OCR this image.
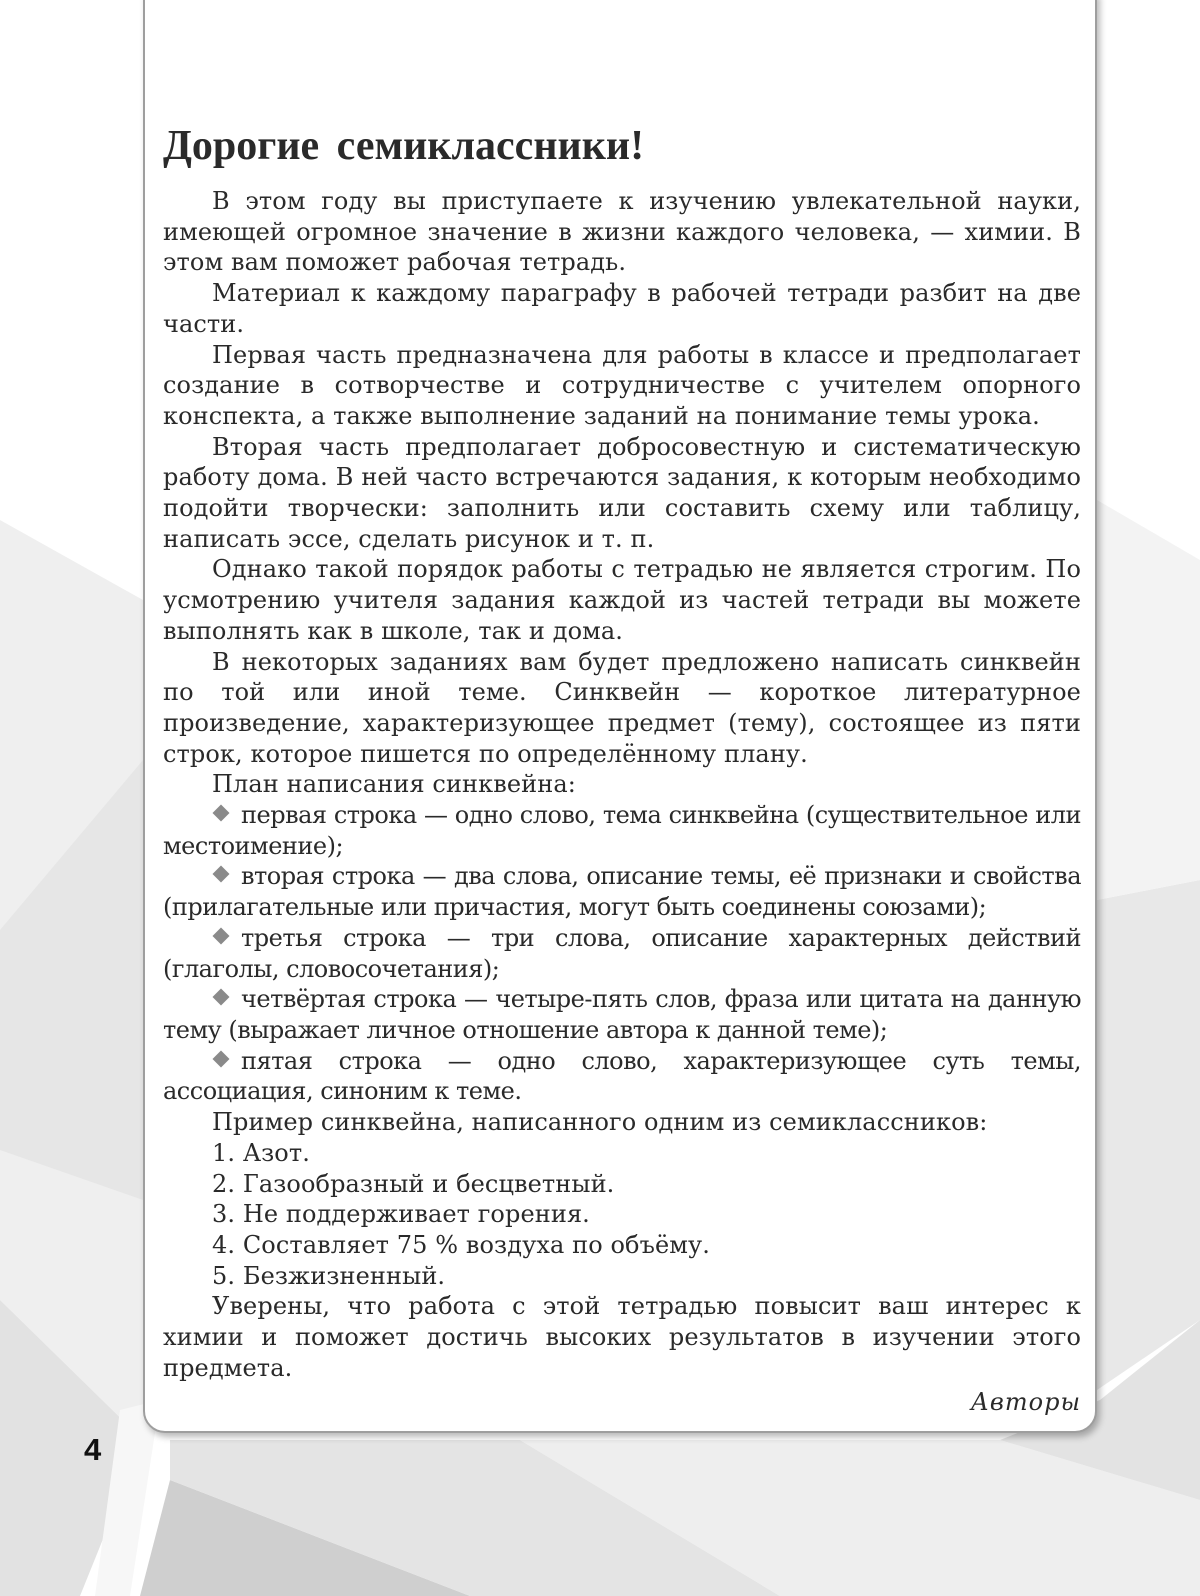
Дорогие семиклассники!

В этом году вы приступаете к изучению увлекательной науки, имеющей огромное значение в жизни каждого человека, — химии. В этом вам поможет рабочая тетрадь.

Материал к каждому параграфу в рабочей тетради разбит на две части.

Первая часть предназначена для работы в классе и предполагает создание в сотворчестве и сотрудничестве с учителем опорного конспекта, а также выполнение заданий на понимание темы урока.

Вторая часть предполагает добросовестную и систематическую работу дома. В ней часто встречаются задания, к которым необходимо подойти творчески: заполнить или составить схему или таблицу, написать эссе, сделать рисунок и т. п.

Однако такой порядок работы с тетрадью не является строгим. По усмотрению учителя задания каждой из частей тетради вы можете выполнять как в школе, так и дома.

В некоторых заданиях вам будет предложено написать синквейн по той или иной теме. Синквейн — короткое литературное произведение, характеризующее предмет (тему), состоящее из пяти строк, которое пишется по определённому плану.

План написания синквейна:

первая строка — одно слово, тема синквейна (существительное или местоимение);

вторая строка — два слова, описание темы, её признаки и свойства (прилагательные или причастия, могут быть соединены союзами);

третья строка — три слова, описание характерных действий (глаголы, словосочетания);

четвёртая строка — четыре-пять слов, фраза или цитата на данную тему (выражает личное отношение автора к данной теме);

пятая строка — одно слово, характеризующее суть темы, ассоциация, синоним к теме.

Пример синквейна, написанного одним из семиклассников:

1. Азот.

2. Газообразный и бесцветный.

3. Не поддерживает горения.

4. Составляет 75 % воздуха по объёму.

5. Безжизненный.

Уверены, что работа с этой тетрадью повысит ваш интерес к химии и поможет достичь высоких результатов в изучении этого предмета.

Авторы

4
